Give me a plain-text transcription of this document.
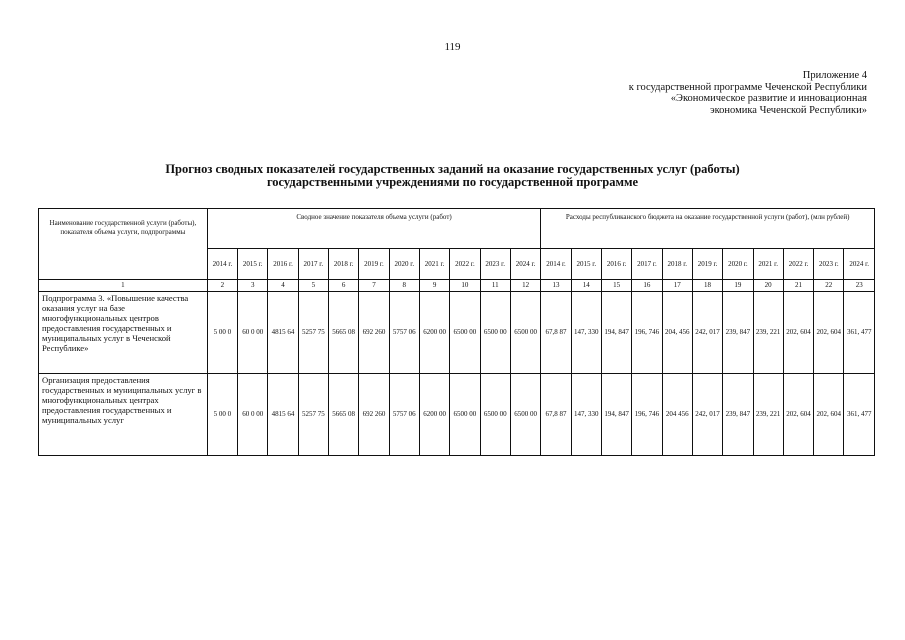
119
Приложение 4
к государственной программе Чеченской Республики
«Экономическое развитие и инновационная
экономика Чеченской Республики»
Прогноз сводных показателей государственных заданий на оказание государственных услуг (работы)
государственными учреждениями по государственной программе
Наименование государственной услуги (работы), показателя объема услуги, подпрограммы	Сводное значение показателя объема услуги (работ)											Расходы республиканского бюджета на оказание государственной услуги (работ), (млн рублей)										
	2014 г.	2015 г.	2016 г.	2017 г.	2018 г.	2019 г.	2020 г.	2021 г.	2022 г.	2023 г.	2024 г.	2014 г.	2015 г.	2016 г.	2017 г.	2018 г.	2019 г.	2020 г.	2021 г.	2022 г.	2023 г.	2024 г.
1	2	3	4	5	6	7	8	9	10	11	12	13	14	15	16	17	18	19	20	21	22	23
Подпрограмма 3. «Повышение качества оказания услуг на базе многофункциональных центров предоставления государственных и муниципальных услуг в Чеченской Республике»	5 00 0	60 0 00	4815 64	5257 75	5665 08	692 260	5757 06	6200 00	6500 00	6500 00	6500 00	67,8 87	147, 330	194, 847	196, 746	204, 456	242, 017	239, 847	239, 221	202, 604	202, 604	361, 477
Организация предоставления государственных и муниципальных услуг в многофункциональных центрах предоставления государственных и муниципальных услуг	5 00 0	60 0 00	4815 64	5257 75	5665 08	692 260	5757 06	6200 00	6500 00	6500 00	6500 00	67,8 87	147, 330	194, 847	196, 746	204 456	242, 017	239, 847	239, 221	202, 604	202, 604	361, 477
